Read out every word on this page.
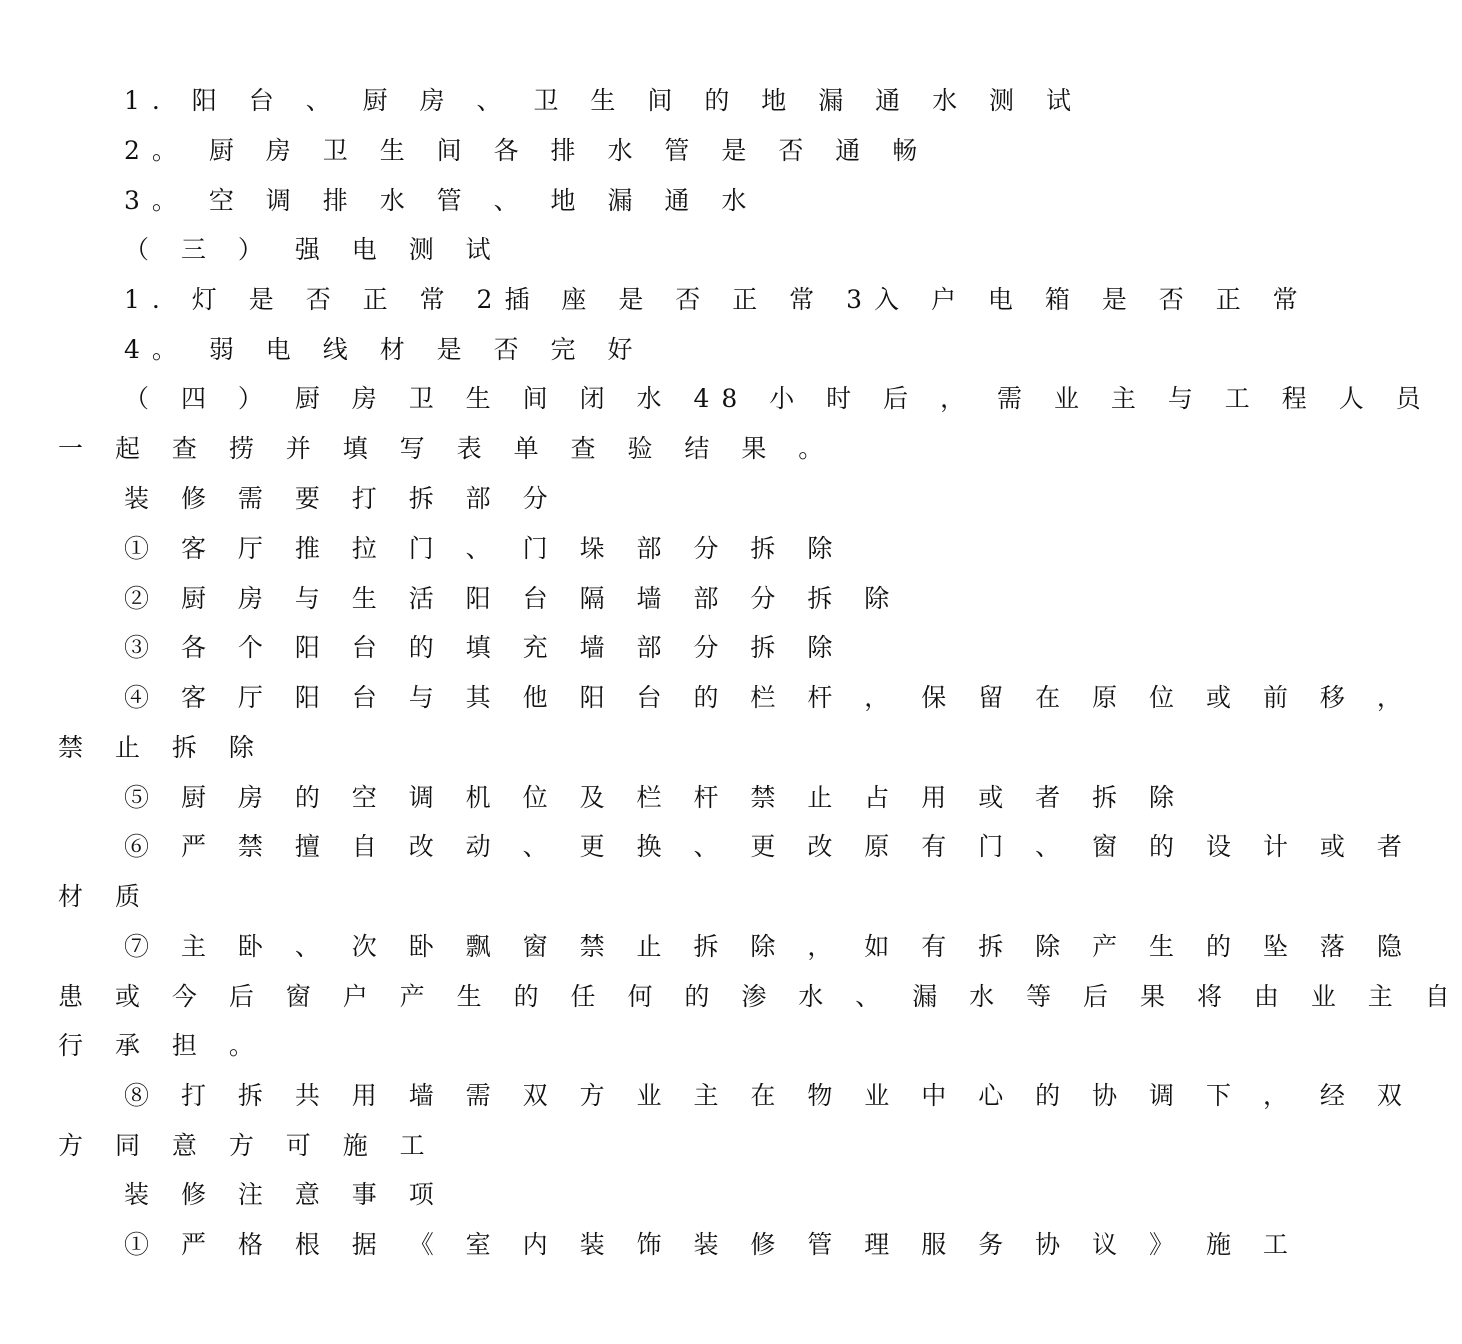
1. 阳 台 、 厨 房 、 卫 生 间 的 地 漏 通 水 测 试
2。 厨 房 卫 生 间 各 排 水 管 是 否 通 畅
3。 空 调 排 水 管 、 地 漏 通 水
（ 三 ） 强 电 测 试
1. 灯 是 否 正 常 2插 座 是 否 正 常 3入 户 电 箱 是 否 正 常
4。 弱 电 线 材 是 否 完 好
（ 四 ） 厨 房 卫 生 间 闭 水 48 小 时 后 ， 需 业 主 与 工 程 人 员
一 起 查 捞 并 填 写 表 单 查 验 结 果 。
装 修 需 要 打 拆 部 分
① 客 厅 推 拉 门 、 门 垛 部 分 拆 除
② 厨 房 与 生 活 阳 台 隔 墙 部 分 拆 除
③ 各 个 阳 台 的 填 充 墙 部 分 拆 除
④ 客 厅 阳 台 与 其 他 阳 台 的 栏 杆 ， 保 留 在 原 位 或 前 移 ，
禁 止 拆 除
⑤ 厨 房 的 空 调 机 位 及 栏 杆 禁 止 占 用 或 者 拆 除
⑥ 严 禁 擅 自 改 动 、 更 换 、 更 改 原 有 门 、 窗 的 设 计 或 者
材 质
⑦ 主 卧 、 次 卧 飘 窗 禁 止 拆 除 ， 如 有 拆 除 产 生 的 坠 落 隐
患 或 今 后 窗 户 产 生 的 任 何 的 渗 水 、 漏 水 等 后 果 将 由 业 主 自
行 承 担 。
⑧ 打 拆 共 用 墙 需 双 方 业 主 在 物 业 中 心 的 协 调 下 ， 经 双
方 同 意 方 可 施 工
装 修 注 意 事 项
① 严 格 根 据 《 室 内 装 饰 装 修 管 理 服 务 协 议 》 施 工
